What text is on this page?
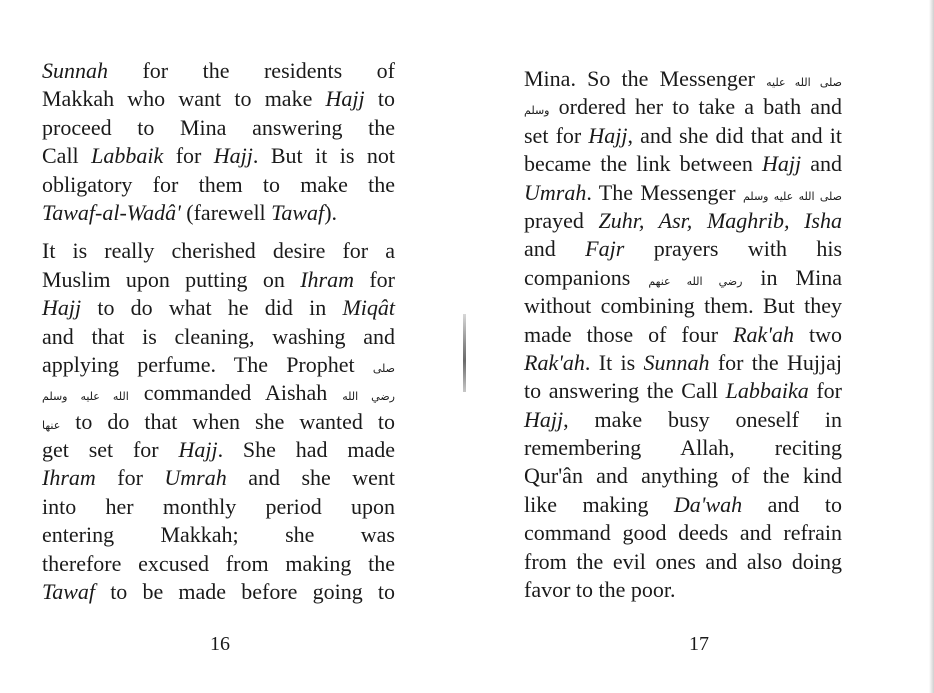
Sunnah for the residents of
Makkah who want to make Hajj to
proceed to Mina answering the
Call Labbaik for Hajj. But it is not
obligatory for them to make the
Tawaf-al-Wadâ' (farewell Tawaf).
It is really cherished desire for a
Muslim upon putting on Ihram for
Hajj to do what he did in Miqât
and that is cleaning, washing and
applying perfume. The Prophet صلى
الله عليه وسلم commanded Aishah رضي الله
عنها to do that when she wanted to
get set for Hajj. She had made
Ihram for Umrah and she went
into her monthly period upon
entering Makkah; she was
therefore excused from making the
Tawaf to be made before going to
16
Mina. So the Messenger صلى الله عليه
وسلم ordered her to take a bath and
set for Hajj, and she did that and it
became the link between Hajj and
Umrah. The Messenger صلى الله عليه وسلم
prayed Zuhr, Asr, Maghrib, Isha
and Fajr prayers with his
companions رضي الله عنهم in Mina
without combining them. But they
made those of four Rak'ah two
Rak'ah. It is Sunnah for the Hujjaj
to answering the Call Labbaika for
Hajj, make busy oneself in
remembering Allah, reciting
Qur'ân and anything of the kind
like making Da'wah and to
command good deeds and refrain
from the evil ones and also doing
favor to the poor.
17
